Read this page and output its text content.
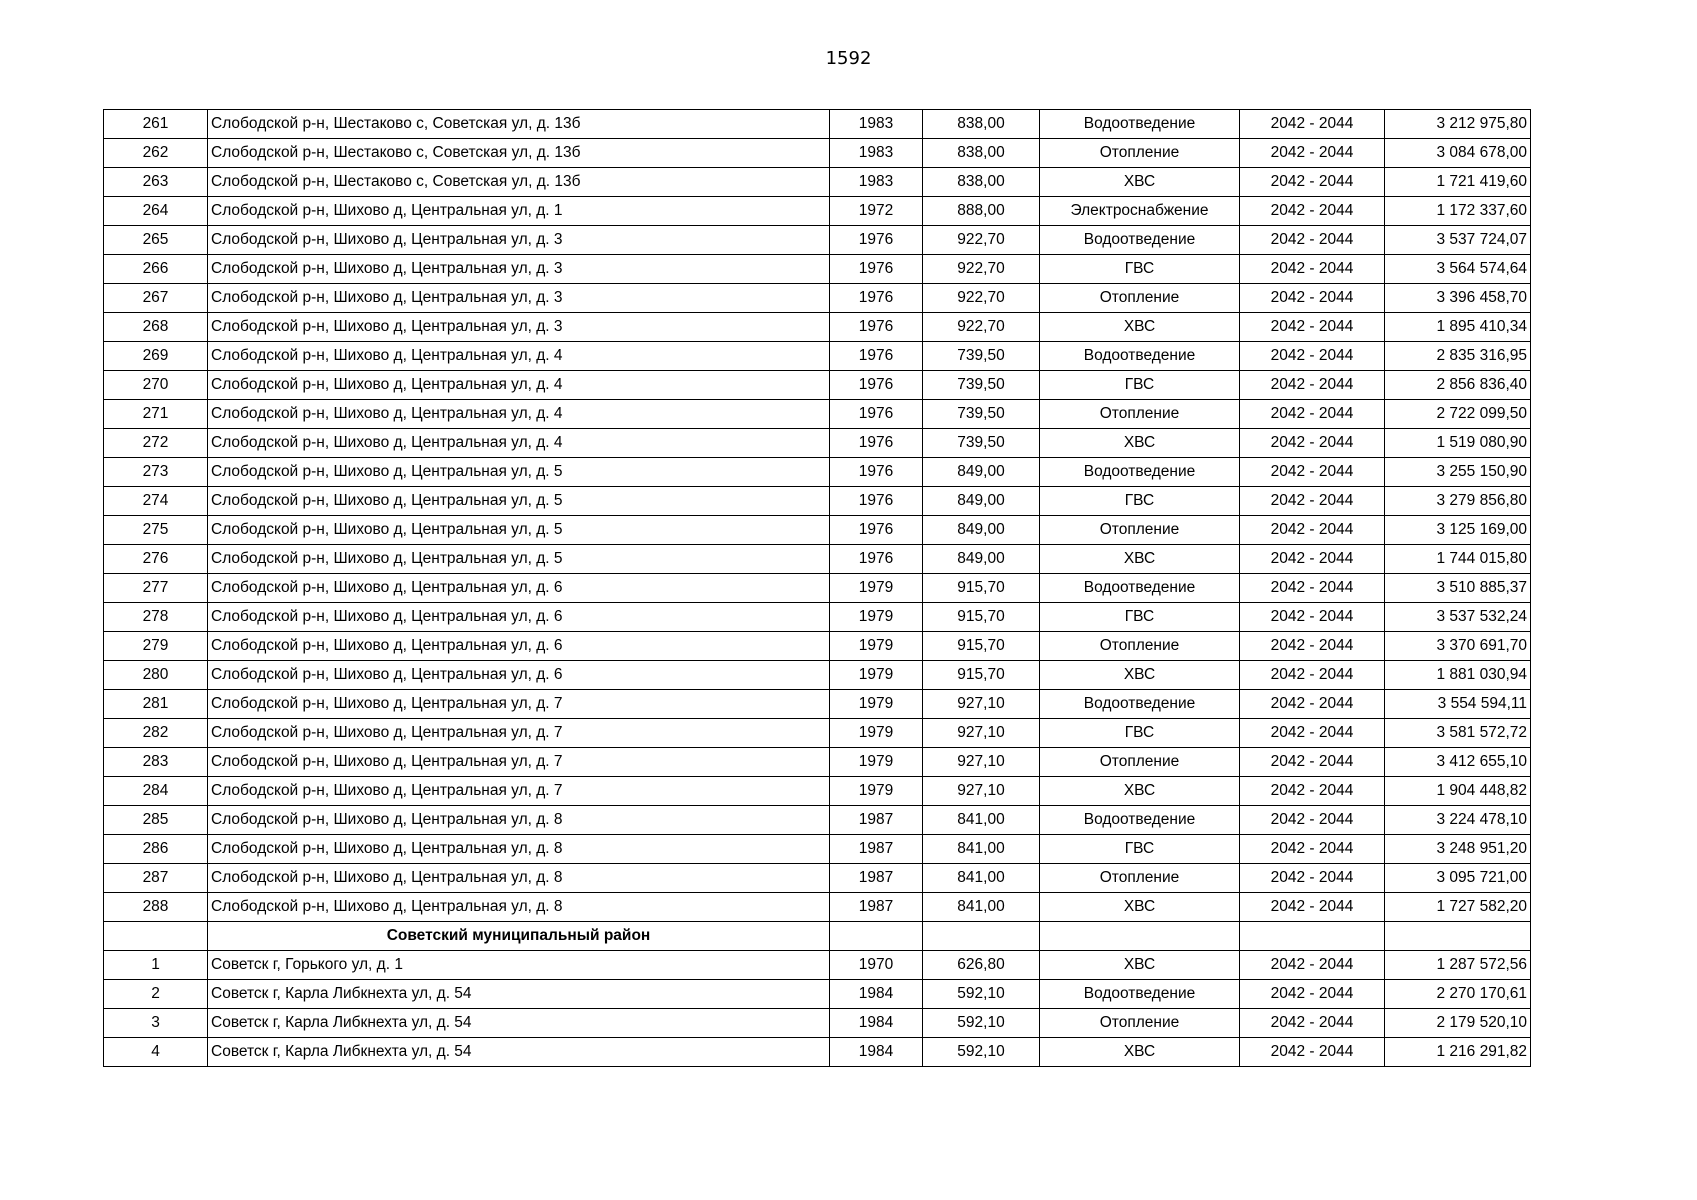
1592
261	Слободской р-н, Шестаково с, Советская ул, д. 13б	1983	838,00	Водоотведение	2042 - 2044	3 212 975,80
262	Слободской р-н, Шестаково с, Советская ул, д. 13б	1983	838,00	Отопление	2042 - 2044	3 084 678,00
263	Слободской р-н, Шестаково с, Советская ул, д. 13б	1983	838,00	ХВС	2042 - 2044	1 721 419,60
264	Слободской р-н, Шихово д, Центральная ул, д. 1	1972	888,00	Электроснабжение	2042 - 2044	1 172 337,60
265	Слободской р-н, Шихово д, Центральная ул, д. 3	1976	922,70	Водоотведение	2042 - 2044	3 537 724,07
266	Слободской р-н, Шихово д, Центральная ул, д. 3	1976	922,70	ГВС	2042 - 2044	3 564 574,64
267	Слободской р-н, Шихово д, Центральная ул, д. 3	1976	922,70	Отопление	2042 - 2044	3 396 458,70
268	Слободской р-н, Шихово д, Центральная ул, д. 3	1976	922,70	ХВС	2042 - 2044	1 895 410,34
269	Слободской р-н, Шихово д, Центральная ул, д. 4	1976	739,50	Водоотведение	2042 - 2044	2 835 316,95
270	Слободской р-н, Шихово д, Центральная ул, д. 4	1976	739,50	ГВС	2042 - 2044	2 856 836,40
271	Слободской р-н, Шихово д, Центральная ул, д. 4	1976	739,50	Отопление	2042 - 2044	2 722 099,50
272	Слободской р-н, Шихово д, Центральная ул, д. 4	1976	739,50	ХВС	2042 - 2044	1 519 080,90
273	Слободской р-н, Шихово д, Центральная ул, д. 5	1976	849,00	Водоотведение	2042 - 2044	3 255 150,90
274	Слободской р-н, Шихово д, Центральная ул, д. 5	1976	849,00	ГВС	2042 - 2044	3 279 856,80
275	Слободской р-н, Шихово д, Центральная ул, д. 5	1976	849,00	Отопление	2042 - 2044	3 125 169,00
276	Слободской р-н, Шихово д, Центральная ул, д. 5	1976	849,00	ХВС	2042 - 2044	1 744 015,80
277	Слободской р-н, Шихово д, Центральная ул, д. 6	1979	915,70	Водоотведение	2042 - 2044	3 510 885,37
278	Слободской р-н, Шихово д, Центральная ул, д. 6	1979	915,70	ГВС	2042 - 2044	3 537 532,24
279	Слободской р-н, Шихово д, Центральная ул, д. 6	1979	915,70	Отопление	2042 - 2044	3 370 691,70
280	Слободской р-н, Шихово д, Центральная ул, д. 6	1979	915,70	ХВС	2042 - 2044	1 881 030,94
281	Слободской р-н, Шихово д, Центральная ул, д. 7	1979	927,10	Водоотведение	2042 - 2044	3 554 594,11
282	Слободской р-н, Шихово д, Центральная ул, д. 7	1979	927,10	ГВС	2042 - 2044	3 581 572,72
283	Слободской р-н, Шихово д, Центральная ул, д. 7	1979	927,10	Отопление	2042 - 2044	3 412 655,10
284	Слободской р-н, Шихово д, Центральная ул, д. 7	1979	927,10	ХВС	2042 - 2044	1 904 448,82
285	Слободской р-н, Шихово д, Центральная ул, д. 8	1987	841,00	Водоотведение	2042 - 2044	3 224 478,10
286	Слободской р-н, Шихово д, Центральная ул, д. 8	1987	841,00	ГВС	2042 - 2044	3 248 951,20
287	Слободской р-н, Шихово д, Центральная ул, д. 8	1987	841,00	Отопление	2042 - 2044	3 095 721,00
288	Слободской р-н, Шихово д, Центральная ул, д. 8	1987	841,00	ХВС	2042 - 2044	1 727 582,20
	Советский муниципальный район					
1	Советск г, Горького ул, д. 1	1970	626,80	ХВС	2042 - 2044	1 287 572,56
2	Советск г, Карла Либкнехта ул, д. 54	1984	592,10	Водоотведение	2042 - 2044	2 270 170,61
3	Советск г, Карла Либкнехта ул, д. 54	1984	592,10	Отопление	2042 - 2044	2 179 520,10
4	Советск г, Карла Либкнехта ул, д. 54	1984	592,10	ХВС	2042 - 2044	1 216 291,82
